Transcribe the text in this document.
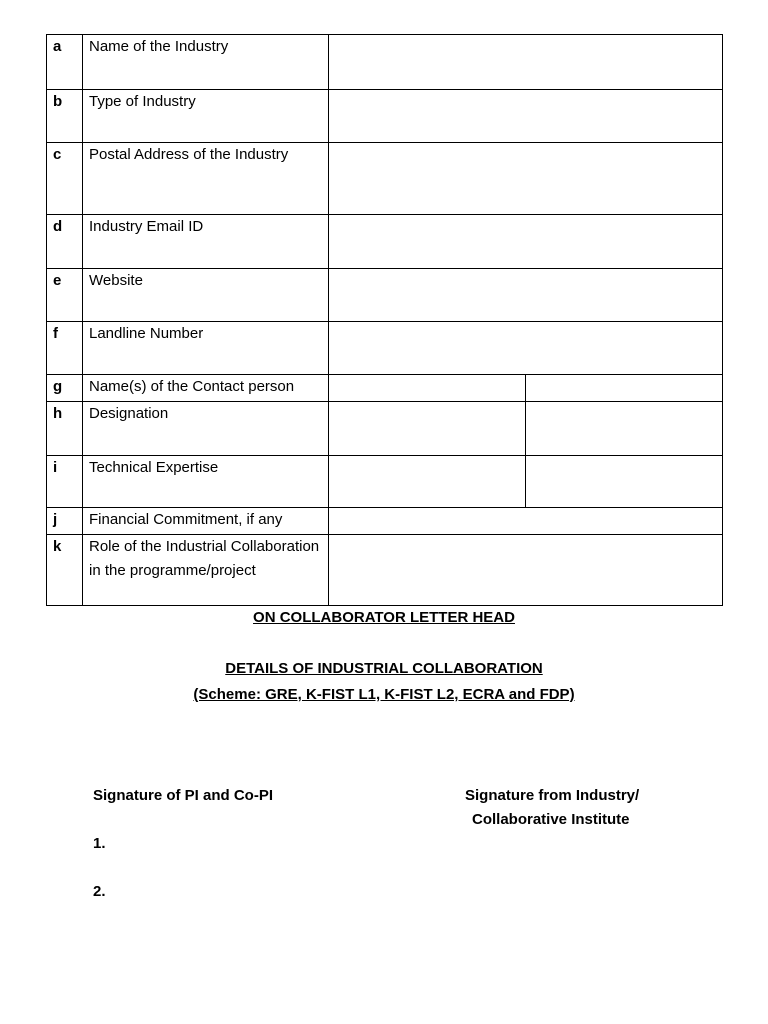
a	Name of the Industry		
b	Type of Industry		
c	Postal Address of the Industry		
d	Industry Email ID		
e	Website		
f	Landline Number		
g	Name(s) of the Contact person		
h	Designation		
i	Technical Expertise		
j	Financial Commitment, if any		
k	Role of the Industrial Collaboration in the programme/project		
ON COLLABORATOR LETTER HEAD
DETAILS OF INDUSTRIAL COLLABORATION
(Scheme: GRE, K-FIST L1, K-FIST L2, ECRA and FDP)
Signature of PI and Co-PI
1.
2.
Signature from Industry/
Collaborative Institute
